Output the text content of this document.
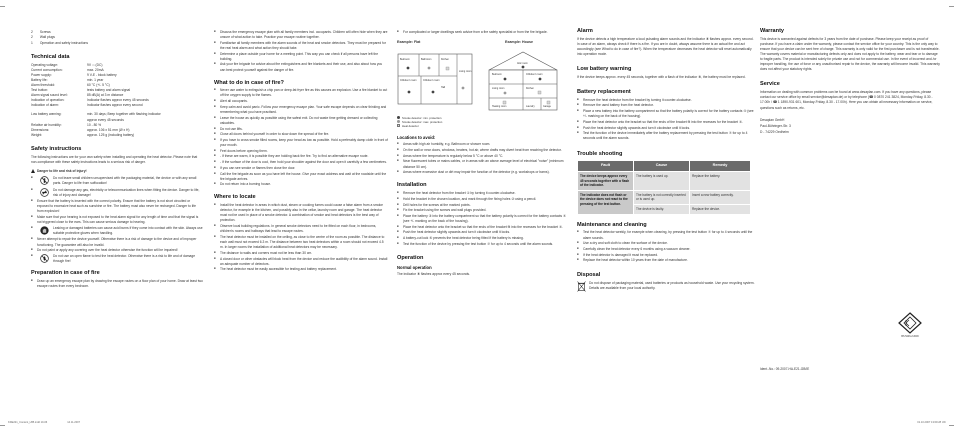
2 Screws
2 Wall plugs
1 Operation and safety instructions
Technical data
Operating voltage:	9V ⎓ (DC)
Current consumption:	max. 20mA
Power supply:	9 V-E - block battery
Battery life:	min. 1 year
Alarm threshold:	60 °C (+/- 5 °C)
Test button:	tests battery and alarm signal
Alarm signal sound level:	85 dB(A) at 3 m distance
Indication of operation:	Indicator flashes approx every 45 seconds
Indication of alarm:	Indicator flashes approx every second
Low battery warning:	min. 30 days; Beep together with flashing indicator
approx every 45 seconds
Relative air humidity:	10 - 80 %
Dimensions:	approx. 106 x 51 mm (Ø x H)
Weight:	approx. 125 g (including battery)
Safety instructions

The following instructions are for your own safety when installing and operating the heat detector. Please note that non-compliance with these safety instructions leads to a serious risk of danger.

Danger to life and risk of injury!
Do not leave small children unsupervised with the packaging material, the device or with any small parts. Danger to life from suffocation!
Do not damage any gas, electricity or telecommunication lines when fitting the device. Danger to life, risk of injury and damage!
■ Ensure that the battery is inserted with the correct polarity. Ensure that the battery is not short circuited or exposed to excessive heat such as sunshine or fire. The battery must also never be recharged. Danger to life from explosion!
■ Make sure that your hearing is not exposed to the heat alarm signal for any length of time and that the signal is not triggered close to the ears. This can cause serious damage to hearing.
Leaking or damaged batteries can cause acid burns if they come into contact with the skin. Always use suitable protective gloves when handling.
■ Never attempt to repair the device yourself. Otherwise there is a risk of damage to the device and of improper functioning. The guarantee will also be invalid.
■ Do not paint or apply any covering over the heat detector otherwise the function will be impaired!
Do not use an open flame to test the heat detector. Otherwise there is a risk to life and of damage through fire!
Preparation in case of fire
■ Draw up an emergency escape plan by drawing the escape routes on a floor plan of your home. Draw at least two escape routes from every bedroom.
■ Discuss the emergency escape plan with all family members incl. occupants. Children will often hide when they are unsure of what action to take. Practice your escape routine together.
■ Familiarise all family members with the alarm sounds of the heat and smoke detectors. They must be prepared for the real heat alarm and what action they should take.
■ Determine a place outside your home for a meeting point. This way you can check if all persons have left the building.
■ Ask your fire brigade for advice about fire extinguishers and fire blankets and their use, and also about how you can best protect yourself against the danger of fire.
What to do in case of fire?
■ Never use water to extinguish a chip pan or deep-fat fryer fire as this causes an explosion. Use a fire blanket to cut off the oxygen supply to the flames.
■ Alert all occupants.
■ Keep calm and avoid panic. Follow your emergency escape plan. Your safe escape depends on clear thinking and remembering what you have practised.
■ Leave the house as quickly as possible using the safest exit. Do not waste time getting dressed or collecting valuables.
■ Do not use lifts.
■ Close all doors behind yourself in order to slow down the spread of the fire.
■ If you have to cross smoke filled rooms, keep your head as low as possible. Hold a preferably damp cloth in front of your mouth.
■ Feel doors before opening them.
■ - If these are warm, it is possible they are holding back the fire. Try to find an alternative escape route.
■ - If the surface of the door is cool, then hold your shoulder against the door and open it carefully a few centimetres.
■ If you can see smoke or flames then close the door.
■ Call the fire brigade as soon as you have left the house. Give your exact address and wait at the roadside until the fire brigade arrives.
■ Do not return into a burning house.
Where to locate
■ Install the heat detector in areas in which dust, steam or cooking fumes could cause a false alarm from a smoke detector, for example in the kitchen, and possibly also in the cellar, laundry room and garage. The heat detector must not be used in place of a smoke detector. A combination of smoke and heat detectors is the best way of protection.
■ Observe local building regulations. In general smoke detectors need to be fitted on each floor, in bedrooms, children's rooms and hallways that lead to escape routes.
■ The heat detector must be installed on the ceiling, as close to the centre of the room as possible. The distance to each wall must not exceed 6.3 m. The distance between two heat detectors within a room should not exceed 4.5 m. In larger rooms the installation of additional heat detectors may be necessary.
■ The distance to walls and corners must not be less than 30 cm.
■ A closed door or other obstacles will block heat from the device and reduce the audibility of the alarm sound. Install an adequate number of detectors.
■ The heat detector must be easily accessible for testing and battery replacement.
■ For complicated or larger dwellings seek advice from a fire safety specialist or from the fire brigade.
Example: Flat	Example: House
Bedroom	Bathroom	Kitchen
Living room
Children's room	Children's room
Hall
Attic room
Bedroom	Children's room
Living room	Kitchen
Heating room	Laundry	Garage
Smoke detector: min. protection
Smoke detector: max. protection
Heat detector
Locations to avoid:
■ Areas with high air humidity, e.g. Bathroom or shower room.
■ On the wall or near doors, windows, heaters, hot air, where drafts may divert heat from reaching the detector.
■ Areas where the temperature is regularly below 5 °C or above 40 °C.
■ Near fluorescent tubes or mains cables, or in areas with an above average level of electrical "noise" (minimum distance 50 cm).
■ Areas where excessive dust or dirt may impair the function of the detector (e.g. workshops or barns).
Installation
■ Remove the heat detector from the bracket ① by turning it counter-clockwise.
■ Hold the bracket in the chosen location, and mark through the fixing holes ② using a pencil.
■ Drill holes for the screws at the marked points.
■ Fix the bracket using the screws and wall plugs provided.
■ Place the battery ③ into the battery compartment so that the battery polarity is correct for the battery contacts ④ (see +/- marking on the back of the housing).
■ Place the heat detector onto the bracket so that the ends of the bracket fit into the recesses for the bracket ⑤.
■ Push the heat detector slightly upwards and turn it clockwise until it locks.
■ A battery-cut lock ⑥ prevents the heat detector being fitted if the battery is missing.
■ Test the function of the device by pressing the test button ⑦ for up to 4 seconds until the alarm sounds.
Operation
Normal operation

The indicator ⑧ flashes approx every 45 seconds.

Alarm

If the device detects a high temperature a loud pulsating alarm sounds and the indicator ⑧ flashes approx. every second. In case of an alarm, always check if there is a fire. If you are in doubt, always assume there is an actual fire and act accordingly (see What to do in case of fire?). When the temperature decreases the heat detector will reset automatically into operation mode.

Low battery warning

If the device beeps approx. every 45 seconds, together with a flash of the indicator ⑧, the battery must be replaced.

Battery replacement
■ Remove the heat detector from the bracket by turning it counter-clockwise.
■ Remove the used battery from the heat detector.
■ Place a new battery into the battery compartment so that the battery polarity is correct for the battery contacts ④ (see +/- marking on the back of the housing).
■ Place the heat detector onto the bracket so that the ends of the bracket fit into the recesses for the bracket ⑤.
■ Push the heat detector slightly upwards and turn it clockwise until it locks.
■ Test the function of the device immediately after the battery replacement by pressing the test button ⑦ for up to 4 seconds until the alarm sounds.
Trouble shooting
Fault	Cause	Remedy
The device beeps approx every 45 seconds together with a flash of the indicator.	The battery is used up.	Replace the battery.
The indicator does not flash or the device does not react to the pressing of the test button.	The battery is not correctly inserted or is used up.	Insert a new battery correctly.
	The device is faulty.	Replace the device.
Maintenance and cleaning
■ Test the heat detector weekly, for example when cleaning, by pressing the test button ⑦ for up to 4 seconds until the alarm sounds.
■ Use a dry and soft cloth to clean the surface of the device.
■ Carefully clean the heat detector every 6 months using a vacuum cleaner.
■ If the heat detector is damaged it must be replaced.
■ Replace the heat detector within 10 years from the date of manufacture.
Disposal

Do not dispose of packaging material, used batteries or products as household waste. Use your recycling system. Details are available from your local authority.

Warranty

This device is warranted against defects for 3 years from the date of purchase. Please keep your receipt as proof of purchase. If you have a claim under the warranty, please contact the service office for your country. This is the only way to ensure that your device can be sent free of charge. This warranty is only valid for the first purchaser and is not transferable. The warranty covers material or manufacturing defects only and does not apply to the battery, wear and tear or to damage to fragile parts. The product is intended solely for private use and not for commercial use. In the event of incorrect and /or improper handling, the use of force or any unauthorised repair to the device, the warranty will become invalid. This warranty does not affect your statutory rights.

Service

Information on dealing with common problems can be found at www.desaplan.com. If you have any questions, please contact our service office by email service@desaplan.de) or by telephone (☎ 0 0870 241 3824, Monday-Friday, 8.30 - 17.00h / ☎ 1 1890-931 601, Monday-Friday, 8.30 - 17.00h). Here you can obtain all necessary information on service, questions such as returns, etc.

Desaplan GmbH

Paul-Bühringer-Str. 3

D - 74229 Oedheim

BS 5446-2:2003

Ident.-No.: 09-2007-HA-E21-GB/IE

KDE221_Content_LB5.indd 10-06	14.11.2007	01.10.2007 13:09:28 Uhr
